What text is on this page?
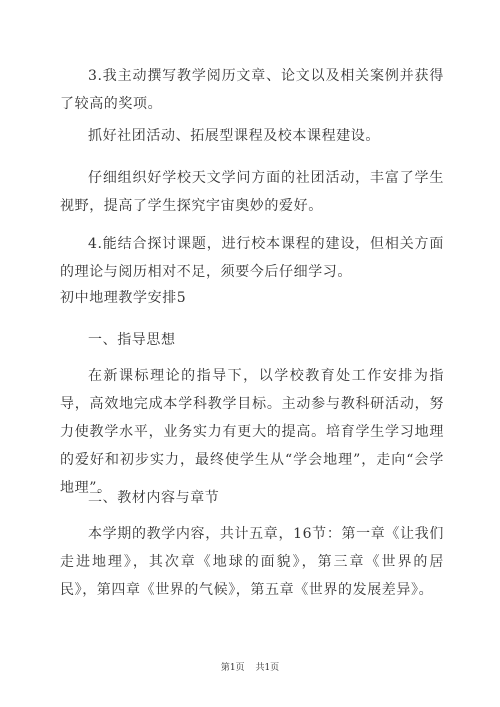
3.我主动撰写教学阅历文章、论文以及相关案例并获得了较高的奖项。

抓好社团活动、拓展型课程及校本课程建设。

仔细组织好学校天文学问方面的社团活动，丰富了学生视野，提高了学生探究宇宙奥妙的爱好。

4.能结合探讨课题，进行校本课程的建设，但相关方面的理论与阅历相对不足，须要今后仔细学习。

初中地理教学安排5

一、指导思想

在新课标理论的指导下，以学校教育处工作安排为指导，高效地完成本学科教学目标。主动参与教科研活动，努力使教学水平，业务实力有更大的提高。培育学生学习地理的爱好和初步实力，最终使学生从“学会地理”，走向“会学地理”。

二、教材内容与章节

本学期的教学内容，共计五章，16节：第一章《让我们走进地理》，其次章《地球的面貌》，第三章《世界的居民》，第四章《世界的气候》，第五章《世界的发展差异》。

第1页 共1页
